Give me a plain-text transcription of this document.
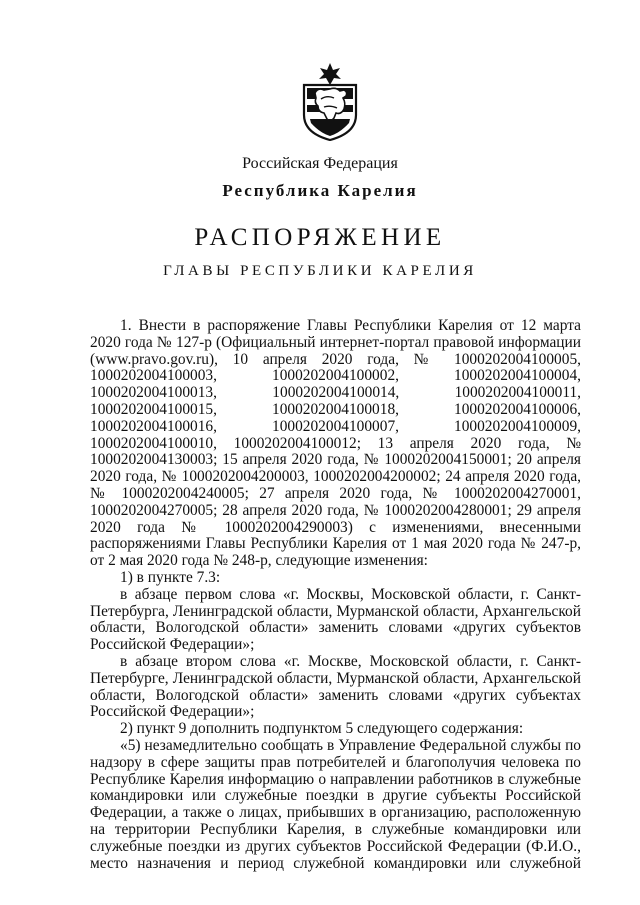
Российская Федерация
Республика Карелия
РАСПОРЯЖЕНИЕ
ГЛАВЫ РЕСПУБЛИКИ КАРЕЛИЯ

1. Внести в распоряжение Главы Республики Карелия от 12 марта 2020 года № 127-р (Официальный интернет-портал правовой информации (www.pravo.gov.ru), 10 апреля 2020 года, № 1000202004100005, 1000202004100003, 1000202004100002, 1000202004100004, 1000202004100013, 1000202004100014, 1000202004100011, 1000202004100015, 1000202004100018, 1000202004100006, 1000202004100016, 1000202004100007, 1000202004100009, 1000202004100010, 1000202004100012; 13 апреля 2020 года, № 1000202004130003; 15 апреля 2020 года, № 1000202004150001; 20 апреля 2020 года, № 1000202004200003, 1000202004200002; 24 апреля 2020 года, № 1000202004240005; 27 апреля 2020 года, № 1000202004270001, 1000202004270005; 28 апреля 2020 года, № 1000202004280001; 29 апреля 2020 года № 1000202004290003) с изменениями, внесенными распоряжениями Главы Республики Карелия от 1 мая 2020 года № 247-р, от 2 мая 2020 года № 248-р, следующие изменения:

1) в пункте 7.3:

в абзаце первом слова «г. Москвы, Московской области, г. Санкт-Петербурга, Ленинградской области, Мурманской области, Архангельской области, Вологодской области» заменить словами «других субъектов Российской Федерации»;

в абзаце втором слова «г. Москве, Московской области, г. Санкт-Петербурге, Ленинградской области, Мурманской области, Архангельской области, Вологодской области» заменить словами «других субъектах Российской Федерации»;

2) пункт 9 дополнить подпунктом 5 следующего содержания:

«5) незамедлительно сообщать в Управление Федеральной службы по надзору в сфере защиты прав потребителей и благополучия человека по Республике Карелия информацию о направлении работников в служебные командировки или служебные поездки в другие субъекты Российской Федерации, а также о лицах, прибывших в организацию, расположенную на территории Республики Карелия, в служебные командировки или служебные поездки из других субъектов Российской Федерации (Ф.И.О., место назначения и период служебной командировки или служебной
